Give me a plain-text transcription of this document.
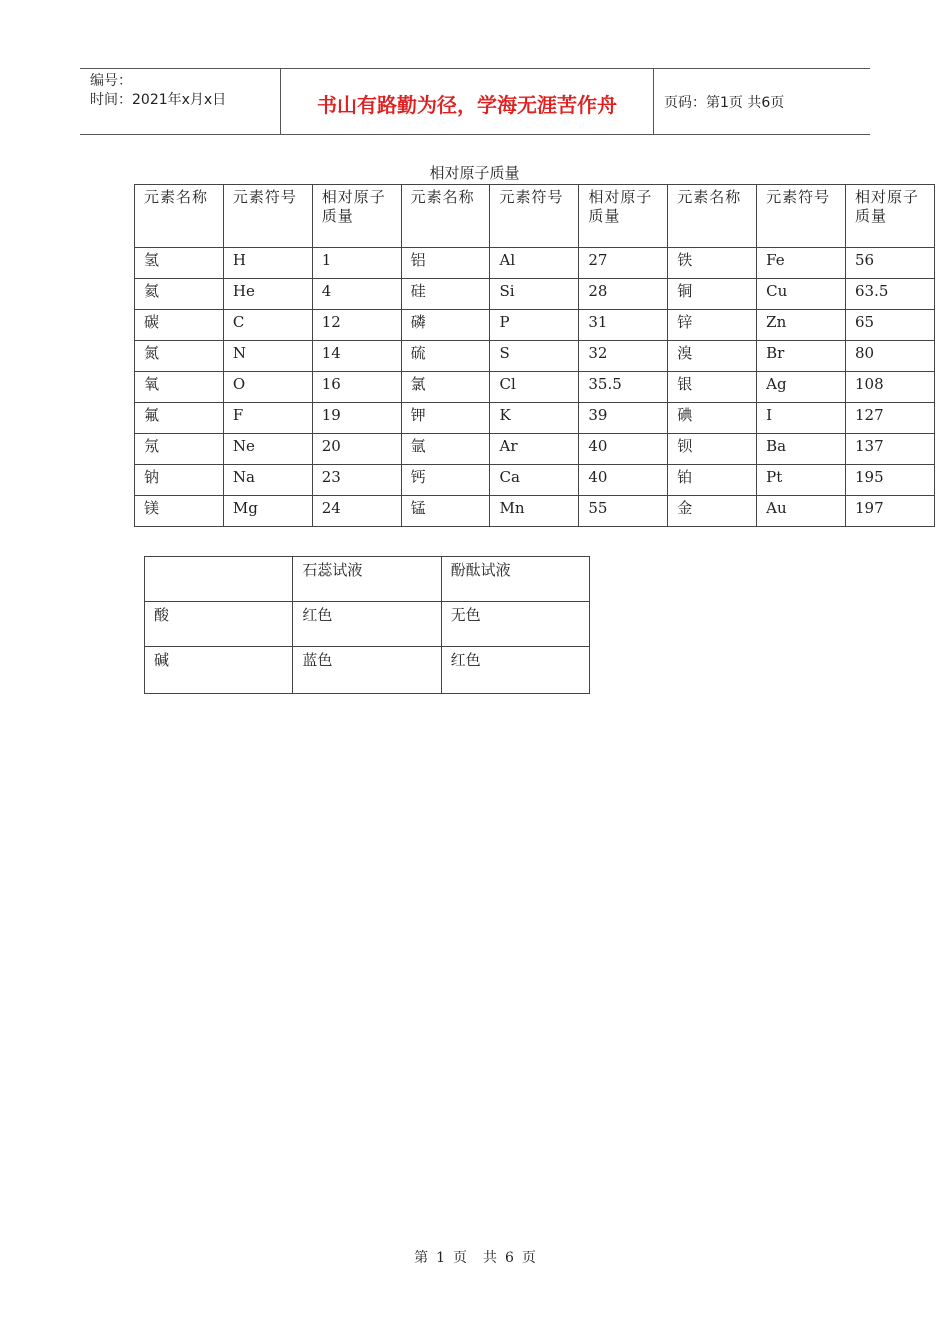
编号：
时间：2021年x月x日	书山有路勤为径，学海无涯苦作舟	页码：第1页 共6页
相对原子质量
元素名称	元素符号	相对原子质量	元素名称	元素符号	相对原子质量	元素名称	元素符号	相对原子质量
氢	H	1	铝	Al	27	铁	Fe	56
氦	He	4	硅	Si	28	铜	Cu	63.5
碳	C	12	磷	P	31	锌	Zn	65
氮	N	14	硫	S	32	溴	Br	80
氧	O	16	氯	Cl	35.5	银	Ag	108
氟	F	19	钾	K	39	碘	I	127
氖	Ne	20	氩	Ar	40	钡	Ba	137
钠	Na	23	钙	Ca	40	铂	Pt	195
镁	Mg	24	锰	Mn	55	金	Au	197
	石蕊试液	酚酞试液
酸	红色	无色
碱	蓝色	红色
第 1 页 共 6 页
